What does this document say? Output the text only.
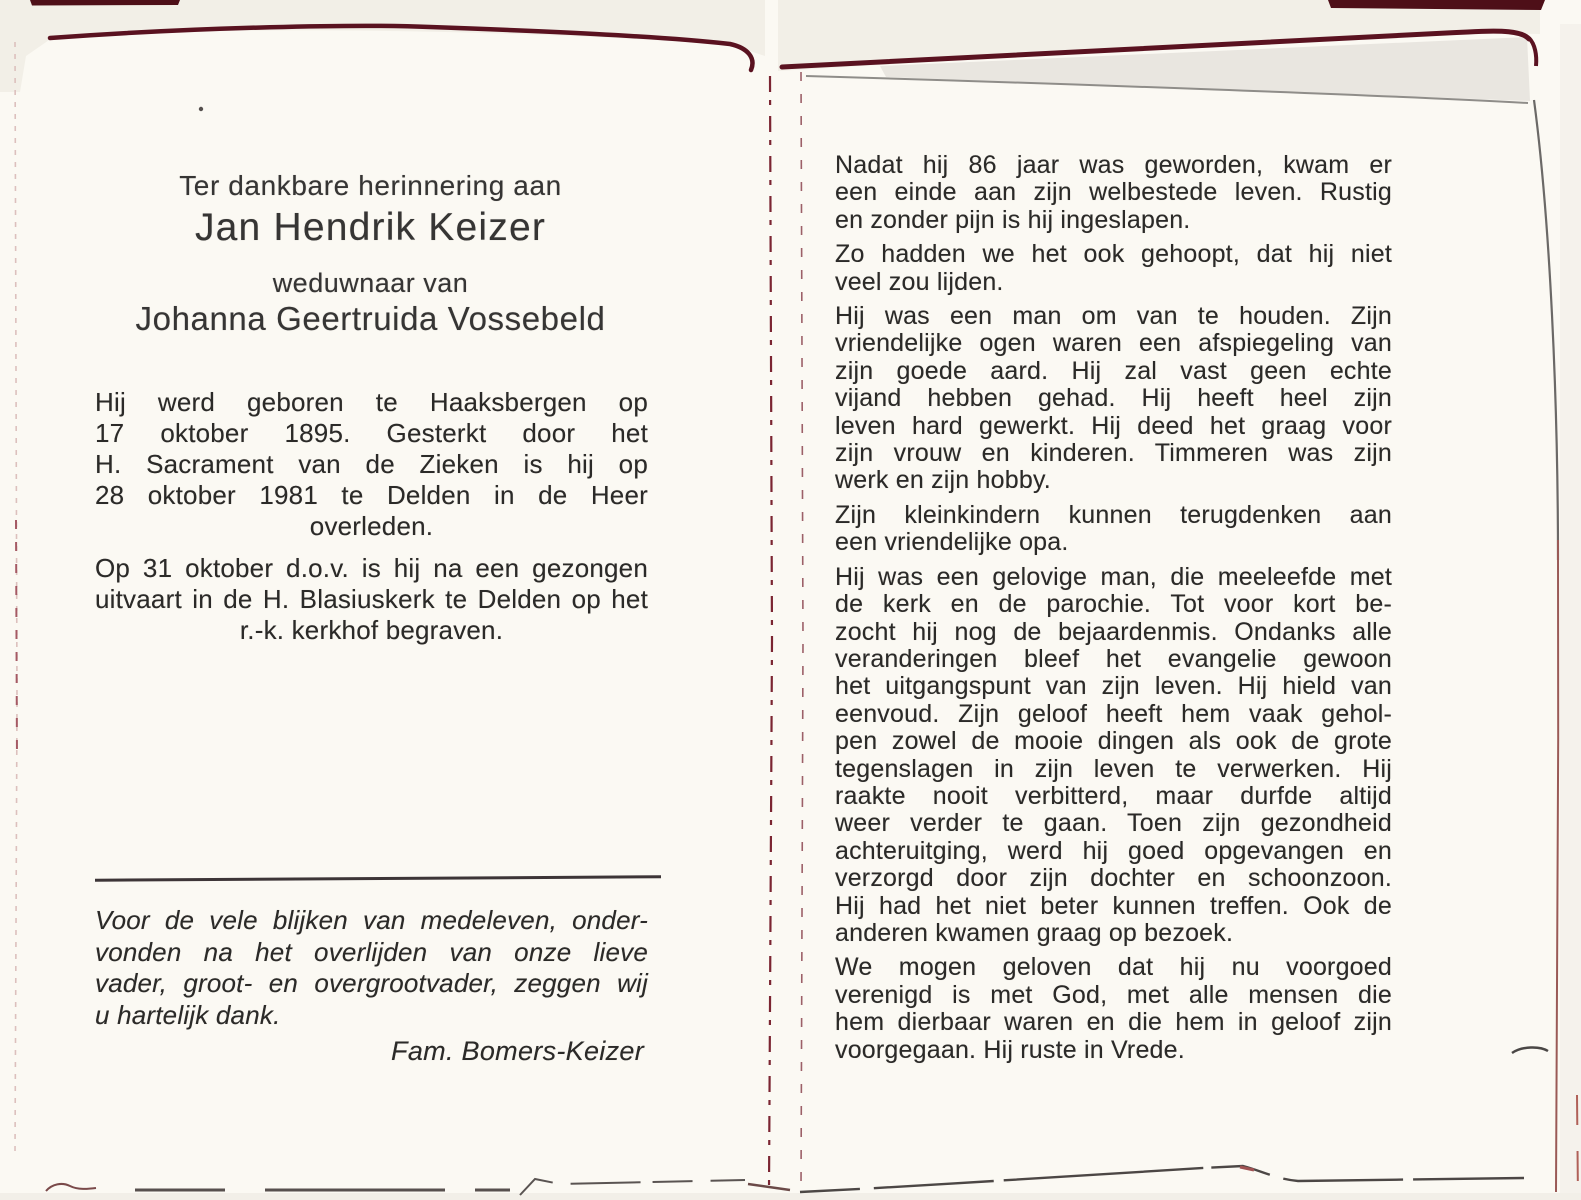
Ter dankbare herinnering aan
Jan Hendrik Keizer
weduwnaar van
Johanna Geertruida Vossebeld
Hij werd geboren te Haaksbergen op
17 oktober 1895. Gesterkt door het
H. Sacrament van de Zieken is hij op
28 oktober 1981 te Delden in de Heer
overleden.
Op 31 oktober d.o.v. is hij na een gezongen
uitvaart in de H. Blasiuskerk te Delden op het
r.-k. kerkhof begraven.
Voor de vele blijken van medeleven, onder-
vonden na het overlijden van onze lieve
vader, groot- en overgrootvader, zeggen wij
u hartelijk dank.
Fam. Bomers-Keizer
Nadat hij 86 jaar was geworden, kwam er
een einde aan zijn welbestede leven. Rustig
en zonder pijn is hij ingeslapen.
Zo hadden we het ook gehoopt, dat hij niet
veel zou lijden.
Hij was een man om van te houden. Zijn
vriendelijke ogen waren een afspiegeling van
zijn goede aard. Hij zal vast geen echte
vijand hebben gehad. Hij heeft heel zijn
leven hard gewerkt. Hij deed het graag voor
zijn vrouw en kinderen. Timmeren was zijn
werk en zijn hobby.
Zijn kleinkindern kunnen terugdenken aan
een vriendelijke opa.
Hij was een gelovige man, die meeleefde met
de kerk en de parochie. Tot voor kort be-
zocht hij nog de bejaardenmis. Ondanks alle
veranderingen bleef het evangelie gewoon
het uitgangspunt van zijn leven. Hij hield van
eenvoud. Zijn geloof heeft hem vaak gehol-
pen zowel de mooie dingen als ook de grote
tegenslagen in zijn leven te verwerken. Hij
raakte nooit verbitterd, maar durfde altijd
weer verder te gaan. Toen zijn gezondheid
achteruitging, werd hij goed opgevangen en
verzorgd door zijn dochter en schoonzoon.
Hij had het niet beter kunnen treffen. Ook de
anderen kwamen graag op bezoek.
We mogen geloven dat hij nu voorgoed
verenigd is met God, met alle mensen die
hem dierbaar waren en die hem in geloof zijn
voorgegaan. Hij ruste in Vrede.
